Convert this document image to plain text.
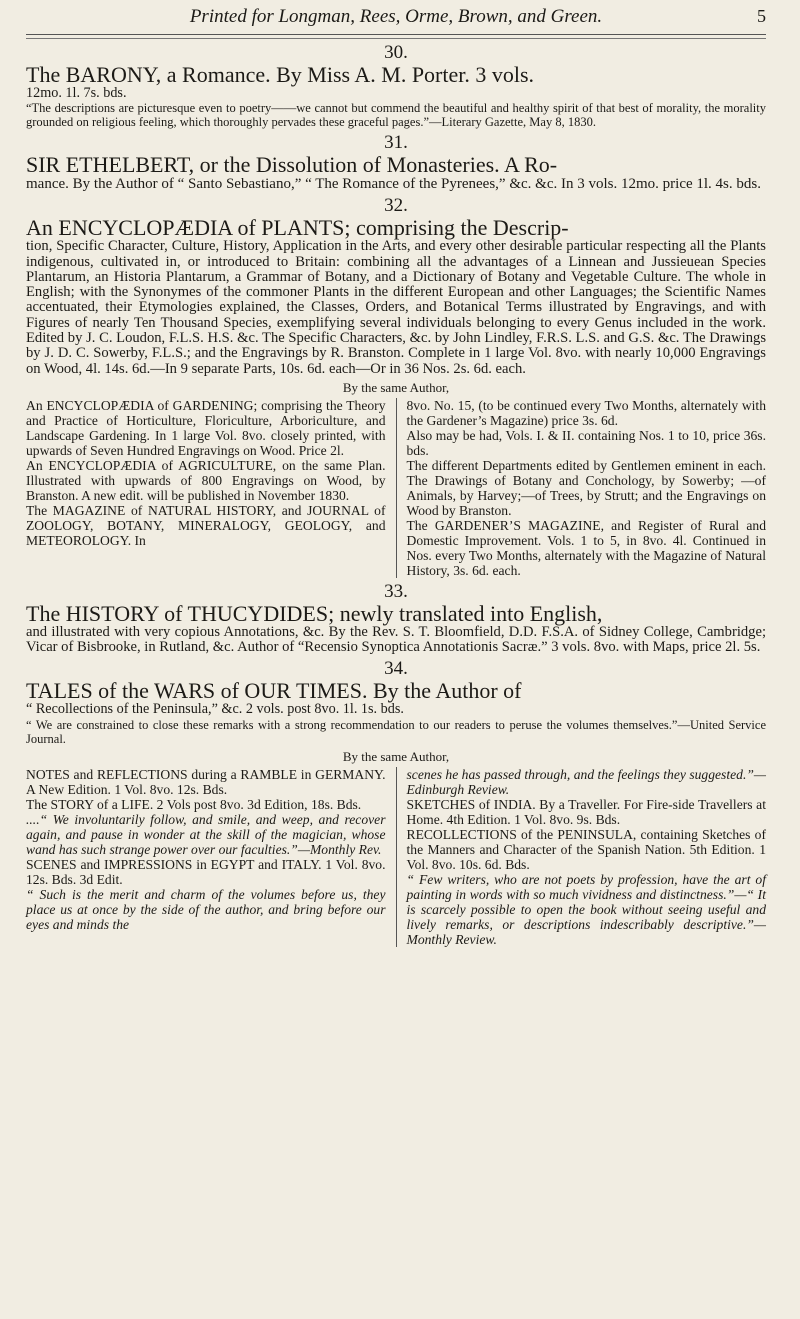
Printed for Longman, Rees, Orme, Brown, and Green.	5
30.

The BARONY, a Romance. By Miss A. M. Porter. 3 vols.

12mo. 1l. 7s. bds.

“The descriptions are picturesque even to poetry——we cannot but commend the beautiful and healthy spirit of that best of morality, the morality grounded on religious feeling, which thoroughly pervades these graceful pages.”—Literary Gazette, May 8, 1830.

31.

SIR ETHELBERT, or the Dissolution of Monasteries. A Ro-

mance. By the Author of “ Santo Sebastiano,” “ The Romance of the Pyrenees,” &c. &c. In 3 vols. 12mo. price 1l. 4s. bds.

32.

An ENCYCLOPÆDIA of PLANTS; comprising the Descrip-

tion, Specific Character, Culture, History, Application in the Arts, and every other desirable particular respecting all the Plants indigenous, cultivated in, or introduced to Britain: combining all the advantages of a Linnean and Jussieuean Species Plantarum, an Historia Plantarum, a Grammar of Botany, and a Dictionary of Botany and Vegetable Culture. The whole in English; with the Synonymes of the commoner Plants in the different European and other Languages; the Scientific Names accentuated, their Etymologies explained, the Classes, Orders, and Botanical Terms illustrated by Engravings, and with Figures of nearly Ten Thousand Species, exemplifying several individuals belonging to every Genus included in the work. Edited by J. C. Loudon, F.L.S. H.S. &c. The Specific Characters, &c. by John Lindley, F.R.S. L.S. and G.S. &c. The Drawings by J. D. C. Sowerby, F.L.S.; and the Engravings by R. Branston. Complete in 1 large Vol. 8vo. with nearly 10,000 Engravings on Wood, 4l. 14s. 6d.—In 9 separate Parts, 10s. 6d. each—Or in 36 Nos. 2s. 6d. each.

By the same Author,

An ENCYCLOPÆDIA of GARDENING; comprising the Theory and Practice of Horticulture, Floriculture, Arboriculture, and Landscape Gardening. In 1 large Vol. 8vo. closely printed, with upwards of Seven Hundred Engravings on Wood. Price 2l.

An ENCYCLOPÆDIA of AGRICULTURE, on the same Plan. Illustrated with upwards of 800 Engravings on Wood, by Branston. A new edit. will be published in November 1830.

The MAGAZINE of NATURAL HISTORY, and JOURNAL of ZOOLOGY, BOTANY, MINERALOGY, GEOLOGY, and METEOROLOGY. In

8vo. No. 15, (to be continued every Two Months, alternately with the Gardener’s Magazine) price 3s. 6d.

Also may be had, Vols. I. & II. containing Nos. 1 to 10, price 36s. bds.

The different Departments edited by Gentlemen eminent in each. The Drawings of Botany and Conchology, by Sowerby; —of Animals, by Harvey;—of Trees, by Strutt; and the Engravings on Wood by Branston.

The GARDENER’S MAGAZINE, and Register of Rural and Domestic Improvement. Vols. 1 to 5, in 8vo. 4l. Continued in Nos. every Two Months, alternately with the Magazine of Natural History, 3s. 6d. each.

33.

The HISTORY of THUCYDIDES; newly translated into English,

and illustrated with very copious Annotations, &c. By the Rev. S. T. Bloomfield, D.D. F.S.A. of Sidney College, Cambridge; Vicar of Bisbrooke, in Rutland, &c. Author of “Recensio Synoptica Annotationis Sacræ.” 3 vols. 8vo. with Maps, price 2l. 5s.

34.

TALES of the WARS of OUR TIMES. By the Author of

“ Recollections of the Peninsula,” &c. 2 vols. post 8vo. 1l. 1s. bds.

“ We are constrained to close these remarks with a strong recommendation to our readers to peruse the volumes themselves.”—United Service Journal.

By the same Author,

NOTES and REFLECTIONS during a RAMBLE in GERMANY. A New Edition. 1 Vol. 8vo. 12s. Bds.

The STORY of a LIFE. 2 Vols post 8vo. 3d Edition, 18s. Bds.

....“ We involuntarily follow, and smile, and weep, and recover again, and pause in wonder at the skill of the magician, whose wand has such strange power over our faculties.”—Monthly Rev.

SCENES and IMPRESSIONS in EGYPT and ITALY. 1 Vol. 8vo. 12s. Bds. 3d Edit.

“ Such is the merit and charm of the volumes before us, they place us at once by the side of the author, and bring before our eyes and minds the

scenes he has passed through, and the feelings they suggested.”—Edinburgh Review.

SKETCHES of INDIA. By a Traveller. For Fire-side Travellers at Home. 4th Edition. 1 Vol. 8vo. 9s. Bds.

RECOLLECTIONS of the PENINSULA, containing Sketches of the Manners and Character of the Spanish Nation. 5th Edition. 1 Vol. 8vo. 10s. 6d. Bds.

“ Few writers, who are not poets by profession, have the art of painting in words with so much vividness and distinctness.”—“ It is scarcely possible to open the book without seeing useful and lively remarks, or descriptions indescribably descriptive.”—Monthly Review.
